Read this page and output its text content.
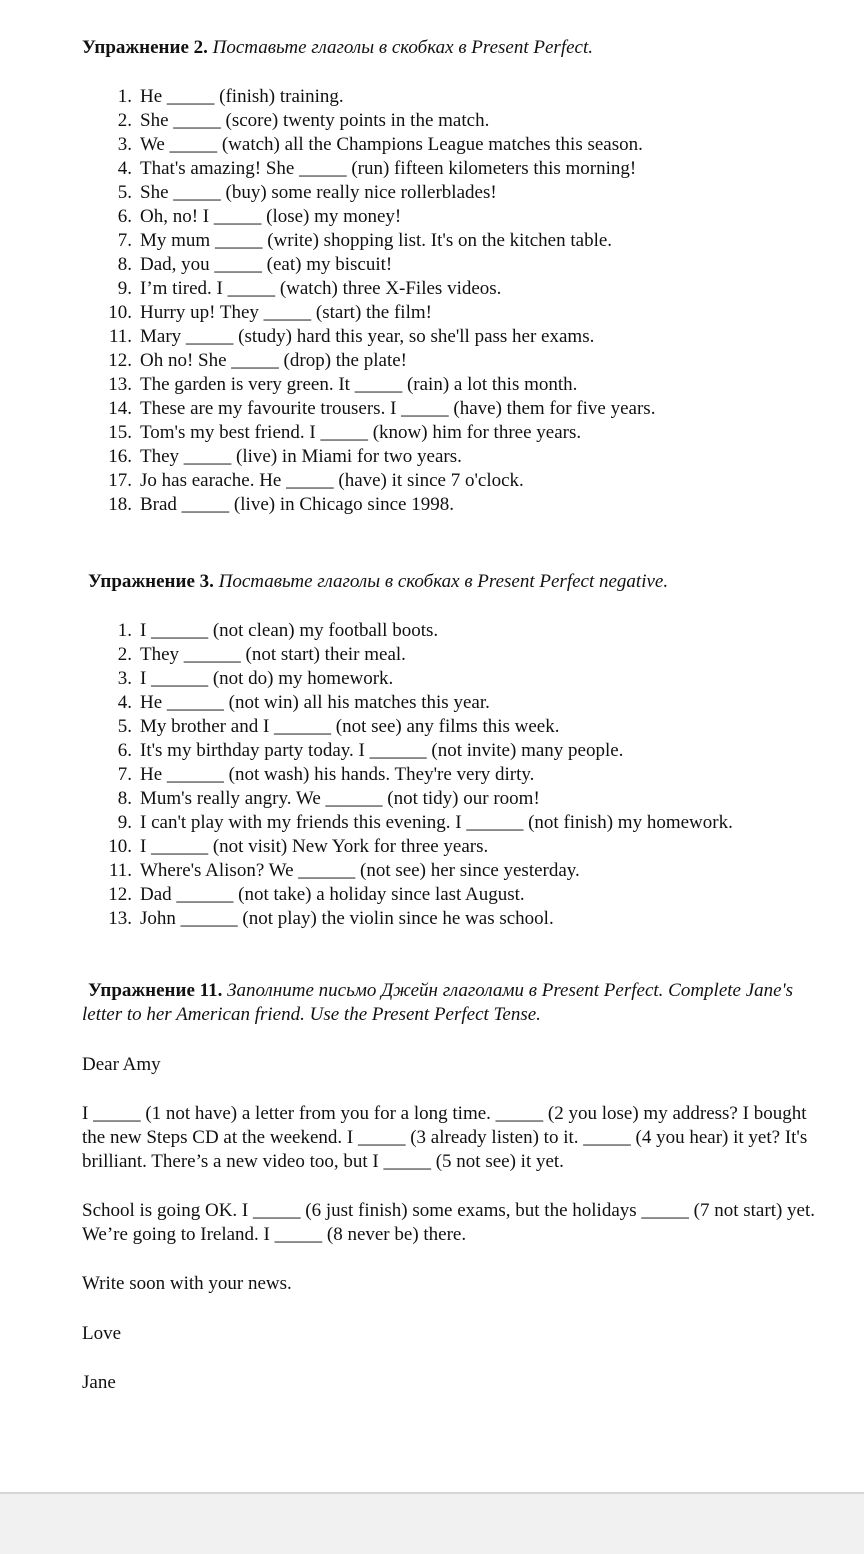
Упражнение 2. Поставьте глаголы в скобках в Present Perfect.
1. He _____ (finish) training.
2. She _____ (score) twenty points in the match.
3. We _____ (watch) all the Champions League matches this season.
4. That's amazing! She _____ (run) fifteen kilometers this morning!
5. She _____ (buy) some really nice rollerblades!
6. Oh, no! I _____ (lose) my money!
7. My mum _____ (write) shopping list. It's on the kitchen table.
8. Dad, you _____ (eat) my biscuit!
9. I’m tired. I _____ (watch) three X-Files videos.
10. Hurry up! They _____ (start) the film!
11. Mary _____ (study) hard this year, so she'll pass her exams.
12. Oh no! She _____ (drop) the plate!
13. The garden is very green. It _____ (rain) a lot this month.
14. These are my favourite trousers. I _____ (have) them for five years.
15. Tom's my best friend. I _____ (know) him for three years.
16. They _____ (live) in Miami for two years.
17. Jo has earache. He _____ (have) it since 7 o'clock.
18. Brad _____ (live) in Chicago since 1998.
Упражнение 3. Поставьте глаголы в скобках в Present Perfect negative.
1. I ______ (not clean) my football boots.
2. They ______ (not start) their meal.
3. I ______ (not do) my homework.
4. He ______ (not win) all his matches this year.
5. My brother and I ______ (not see) any films this week.
6. It's my birthday party today. I ______ (not invite) many people.
7. He ______ (not wash) his hands. They're very dirty.
8. Mum's really angry. We ______ (not tidy) our room!
9. I can't play with my friends this evening. I ______ (not finish) my homework.
10. I ______ (not visit) New York for three years.
11. Where's Alison? We ______ (not see) her since yesterday.
12. Dad ______ (not take) a holiday since last August.
13. John ______ (not play) the violin since he was school.
Упражнение 11. Заполните письмо Джейн глаголами в Present Perfect. Complete Jane's
letter to her American friend. Use the Present Perfect Tense.
Dear Amy
I _____ (1 not have) a letter from you for a long time. _____ (2 you lose) my address? I bought
the new Steps CD at the weekend. I _____ (3 already listen) to it. _____ (4 you hear) it yet? It's
brilliant. There’s a new video too, but I _____ (5 not see) it yet.
School is going OK. I _____ (6 just finish) some exams, but the holidays _____ (7 not start) yet.
We’re going to Ireland. I _____ (8 never be) there.
Write soon with your news.
Love
Jane
